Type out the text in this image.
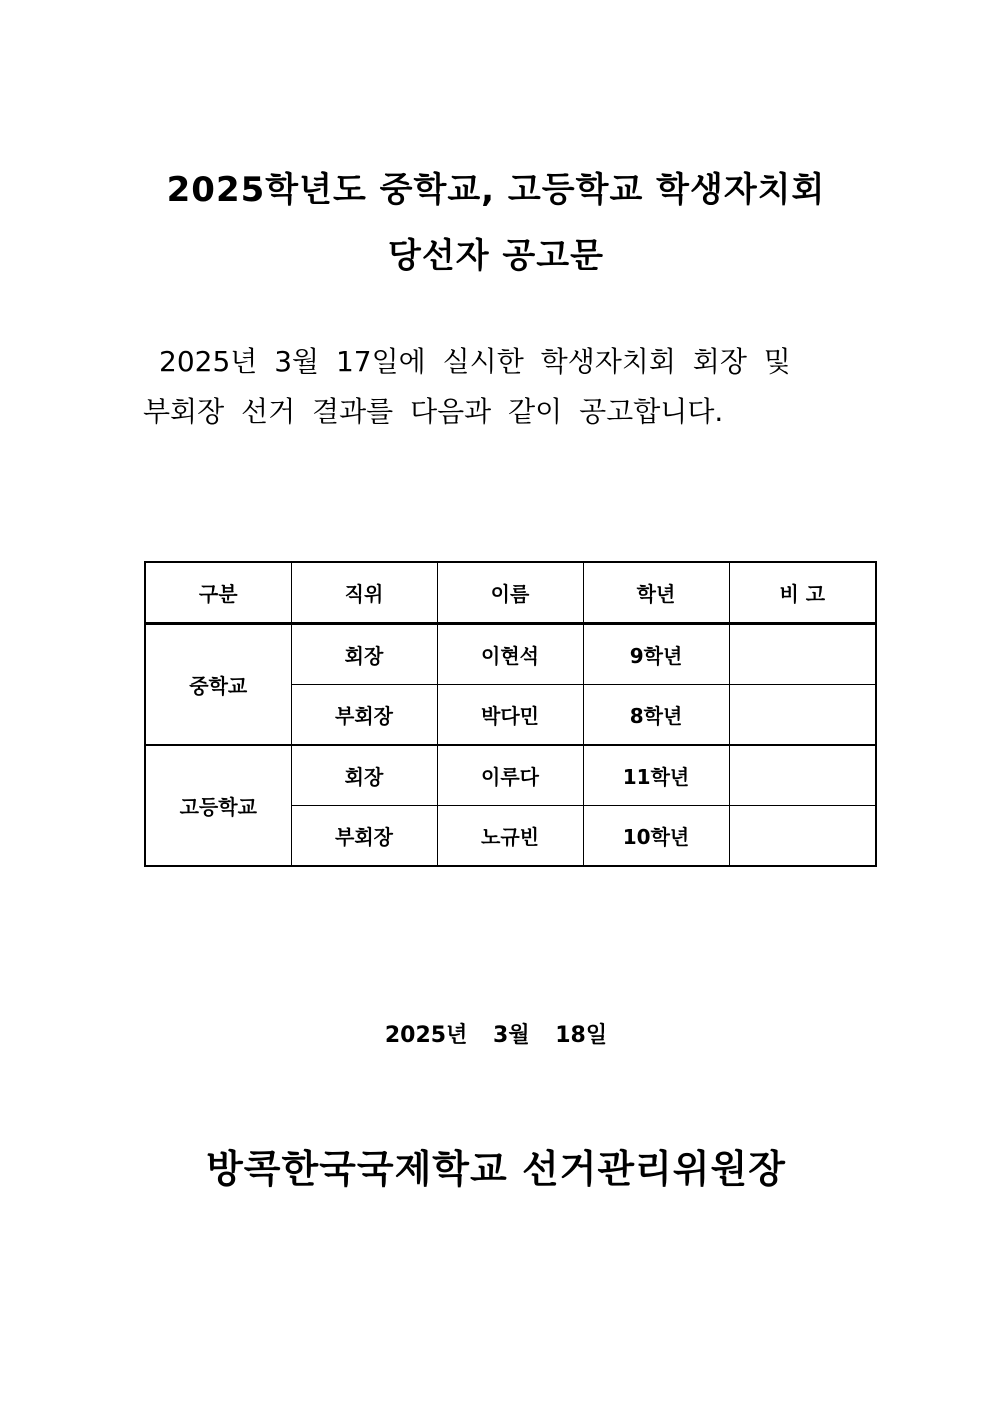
2025학년도 중학교, 고등학교 학생자치회
당선자 공고문
2025년 3월 17일에 실시한 학생자치회 회장 및
부회장 선거 결과를 다음과 같이 공고합니다.
구분	직위	이름	학년	비 고
중학교	회장	이현석	9학년	
	부회장	박다민	8학년	
고등학교	회장	이루다	11학년	
	부회장	노규빈	10학년	
2025년 3월 18일
방콕한국국제학교 선거관리위원장
